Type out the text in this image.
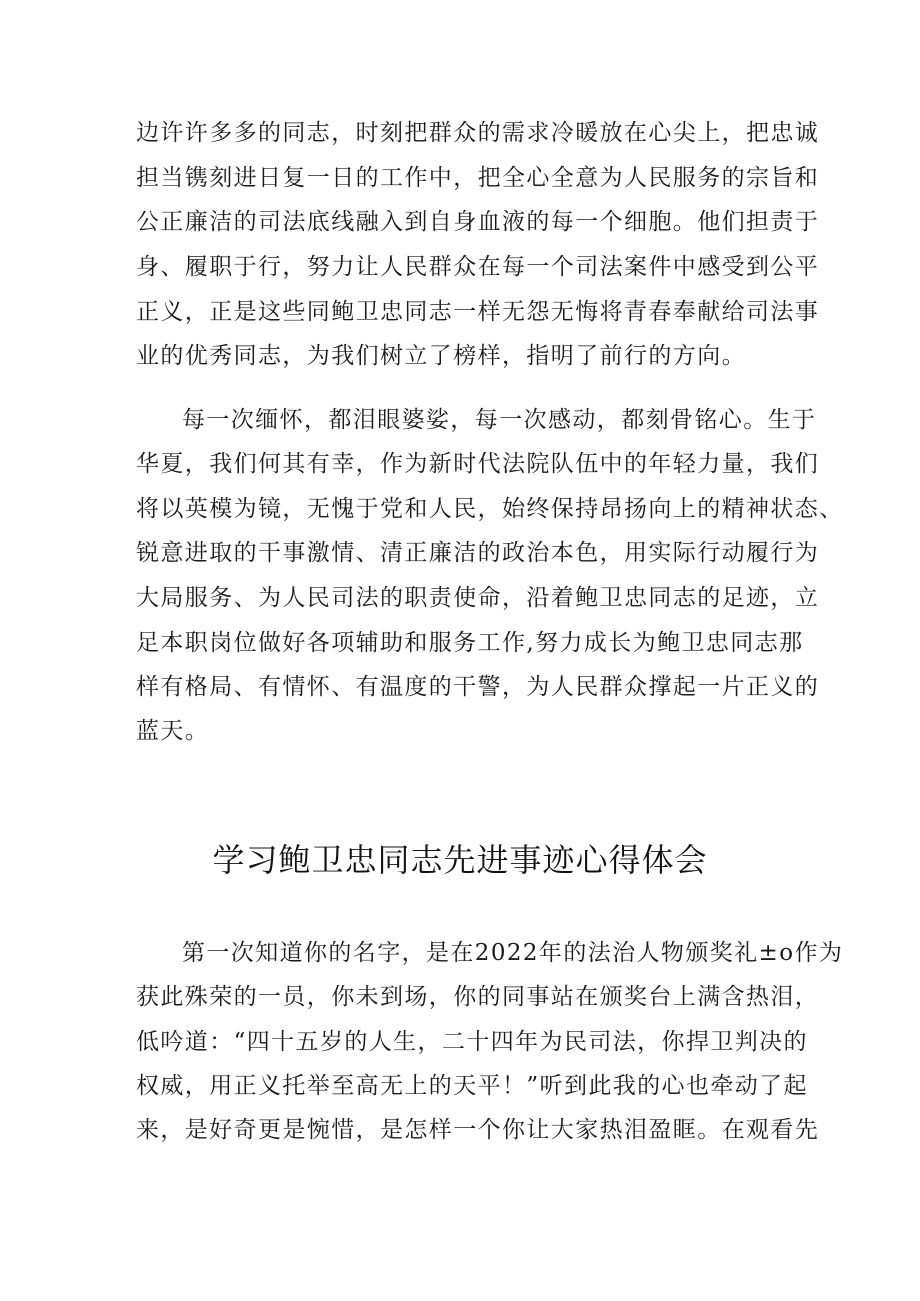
边许许多多的同志，时刻把群众的需求冷暖放在心尖上，把忠诚
担当镌刻进日复一日的工作中，把全心全意为人民服务的宗旨和
公正廉洁的司法底线融入到自身血液的每一个细胞。他们担责于
身、履职于行，努力让人民群众在每一个司法案件中感受到公平
正义，正是这些同鲍卫忠同志一样无怨无悔将青春奉献给司法事
业的优秀同志，为我们树立了榜样，指明了前行的方向。
每一次缅怀，都泪眼婆娑，每一次感动，都刻骨铭心。生于
华夏，我们何其有幸，作为新时代法院队伍中的年轻力量，我们
将以英模为镜，无愧于党和人民，始终保持昂扬向上的精神状态、
锐意进取的干事激情、清正廉洁的政治本色，用实际行动履行为
大局服务、为人民司法的职责使命，沿着鲍卫忠同志的足迹，立
足本职岗位做好各项辅助和服务工作,努力成长为鲍卫忠同志那
样有格局、有情怀、有温度的干警，为人民群众撑起一片正义的
蓝天。
学习鲍卫忠同志先进事迹心得体会
第一次知道你的名字，是在2022年的法治人物颁奖礼±o作为
获此殊荣的一员，你未到场，你的同事站在颁奖台上满含热泪，
低吟道：“四十五岁的人生，二十四年为民司法，你捍卫判决的
权威，用正义托举至高无上的天平！”听到此我的心也牵动了起
来，是好奇更是惋惜，是怎样一个你让大家热泪盈眶。在观看先
